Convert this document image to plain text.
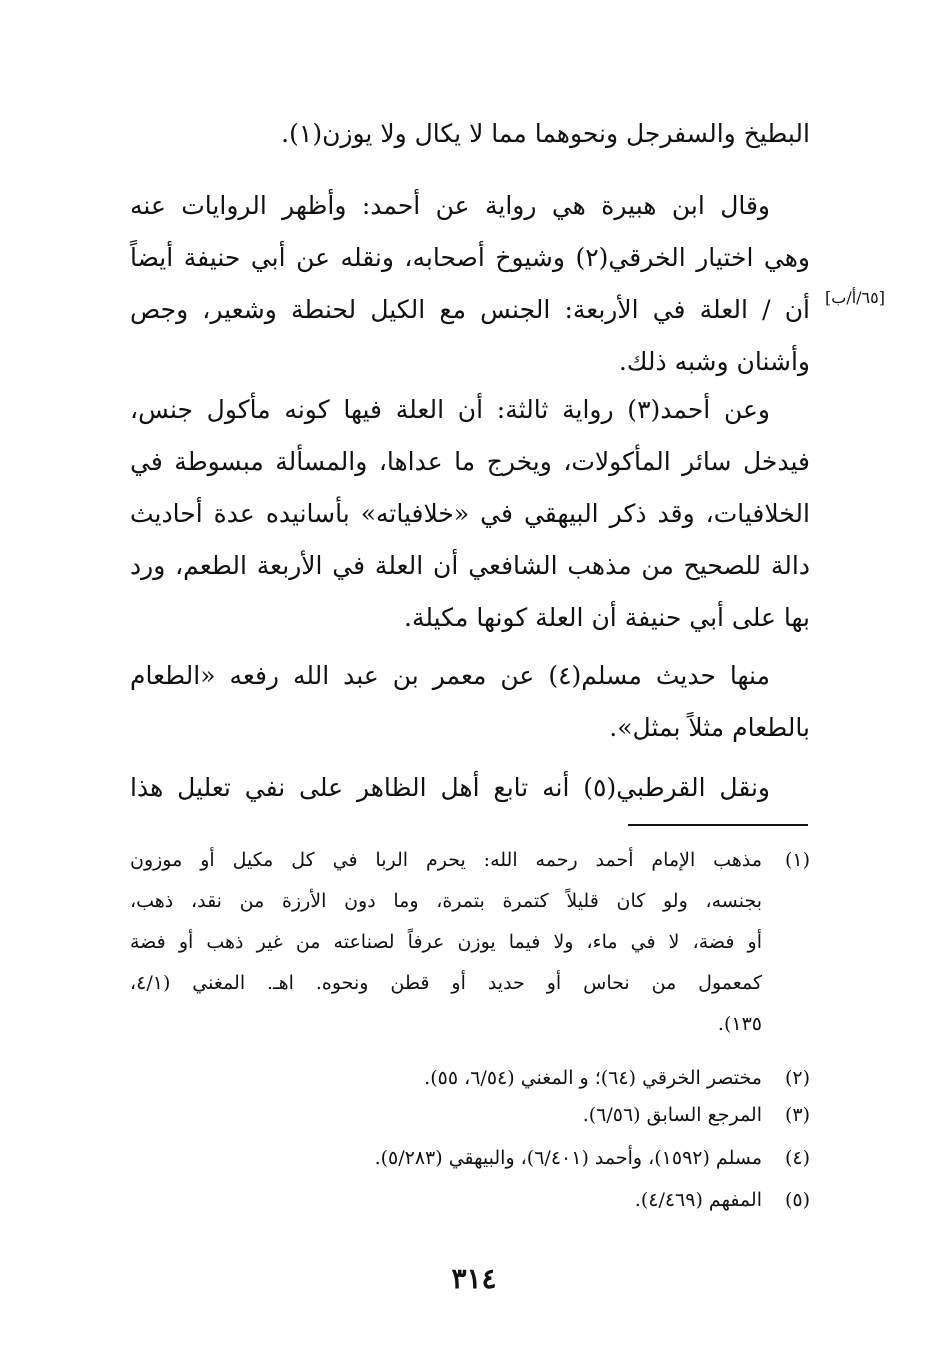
البطيخ والسفرجل ونحوهما مما لا يكال ولا يوزن(١).
وقال ابن هبيرة هي رواية عن أحمد: وأظهر الروايات عنه
وهي اختيار الخرقي(٢) وشيوخ أصحابه، ونقله عن أبي حنيفة أيضاً
أن / العلة في الأربعة: الجنس مع الكيل لحنطة وشعير، وجص
وأشنان وشبه ذلك.
[٦٥/أ/ب]
وعن أحمد(٣) رواية ثالثة: أن العلة فيها كونه مأكول جنس،
فيدخل سائر المأكولات، ويخرج ما عداها، والمسألة مبسوطة في
الخلافيات، وقد ذكر البيهقي في «خلافياته» بأسانيده عدة أحاديث
دالة للصحيح من مذهب الشافعي أن العلة في الأربعة الطعم، ورد
بها على أبي حنيفة أن العلة كونها مكيلة.
منها حديث مسلم(٤) عن معمر بن عبد الله رفعه «الطعام
بالطعام مثلاً بمثل».
ونقل القرطبي(٥) أنه تابع أهل الظاهر على نفي تعليل هذا
(١)مذهب الإمام أحمد رحمه الله: يحرم الربا في كل مكيل أو موزون
بجنسه، ولو كان قليلاً كتمرة بتمرة، وما دون الأرزة من نقد، ذهب،
أو فضة، لا في ماء، ولا فيما يوزن عرفاً لصناعته من غير ذهب أو فضة
كمعمول من نحاس أو حديد أو قطن ونحوه. اهـ. المغني (٤/١،
١٣٥).
(٢)مختصر الخرقي (٦٤)؛ و المغني (٦/٥٤، ٥٥).
(٣)المرجع السابق (٦/٥٦).
(٤)مسلم (١٥٩٢)، وأحمد (٦/٤٠١)، والبيهقي (٥/٢٨٣).
(٥)المفهم (٤/٤٦٩).
٣١٤
